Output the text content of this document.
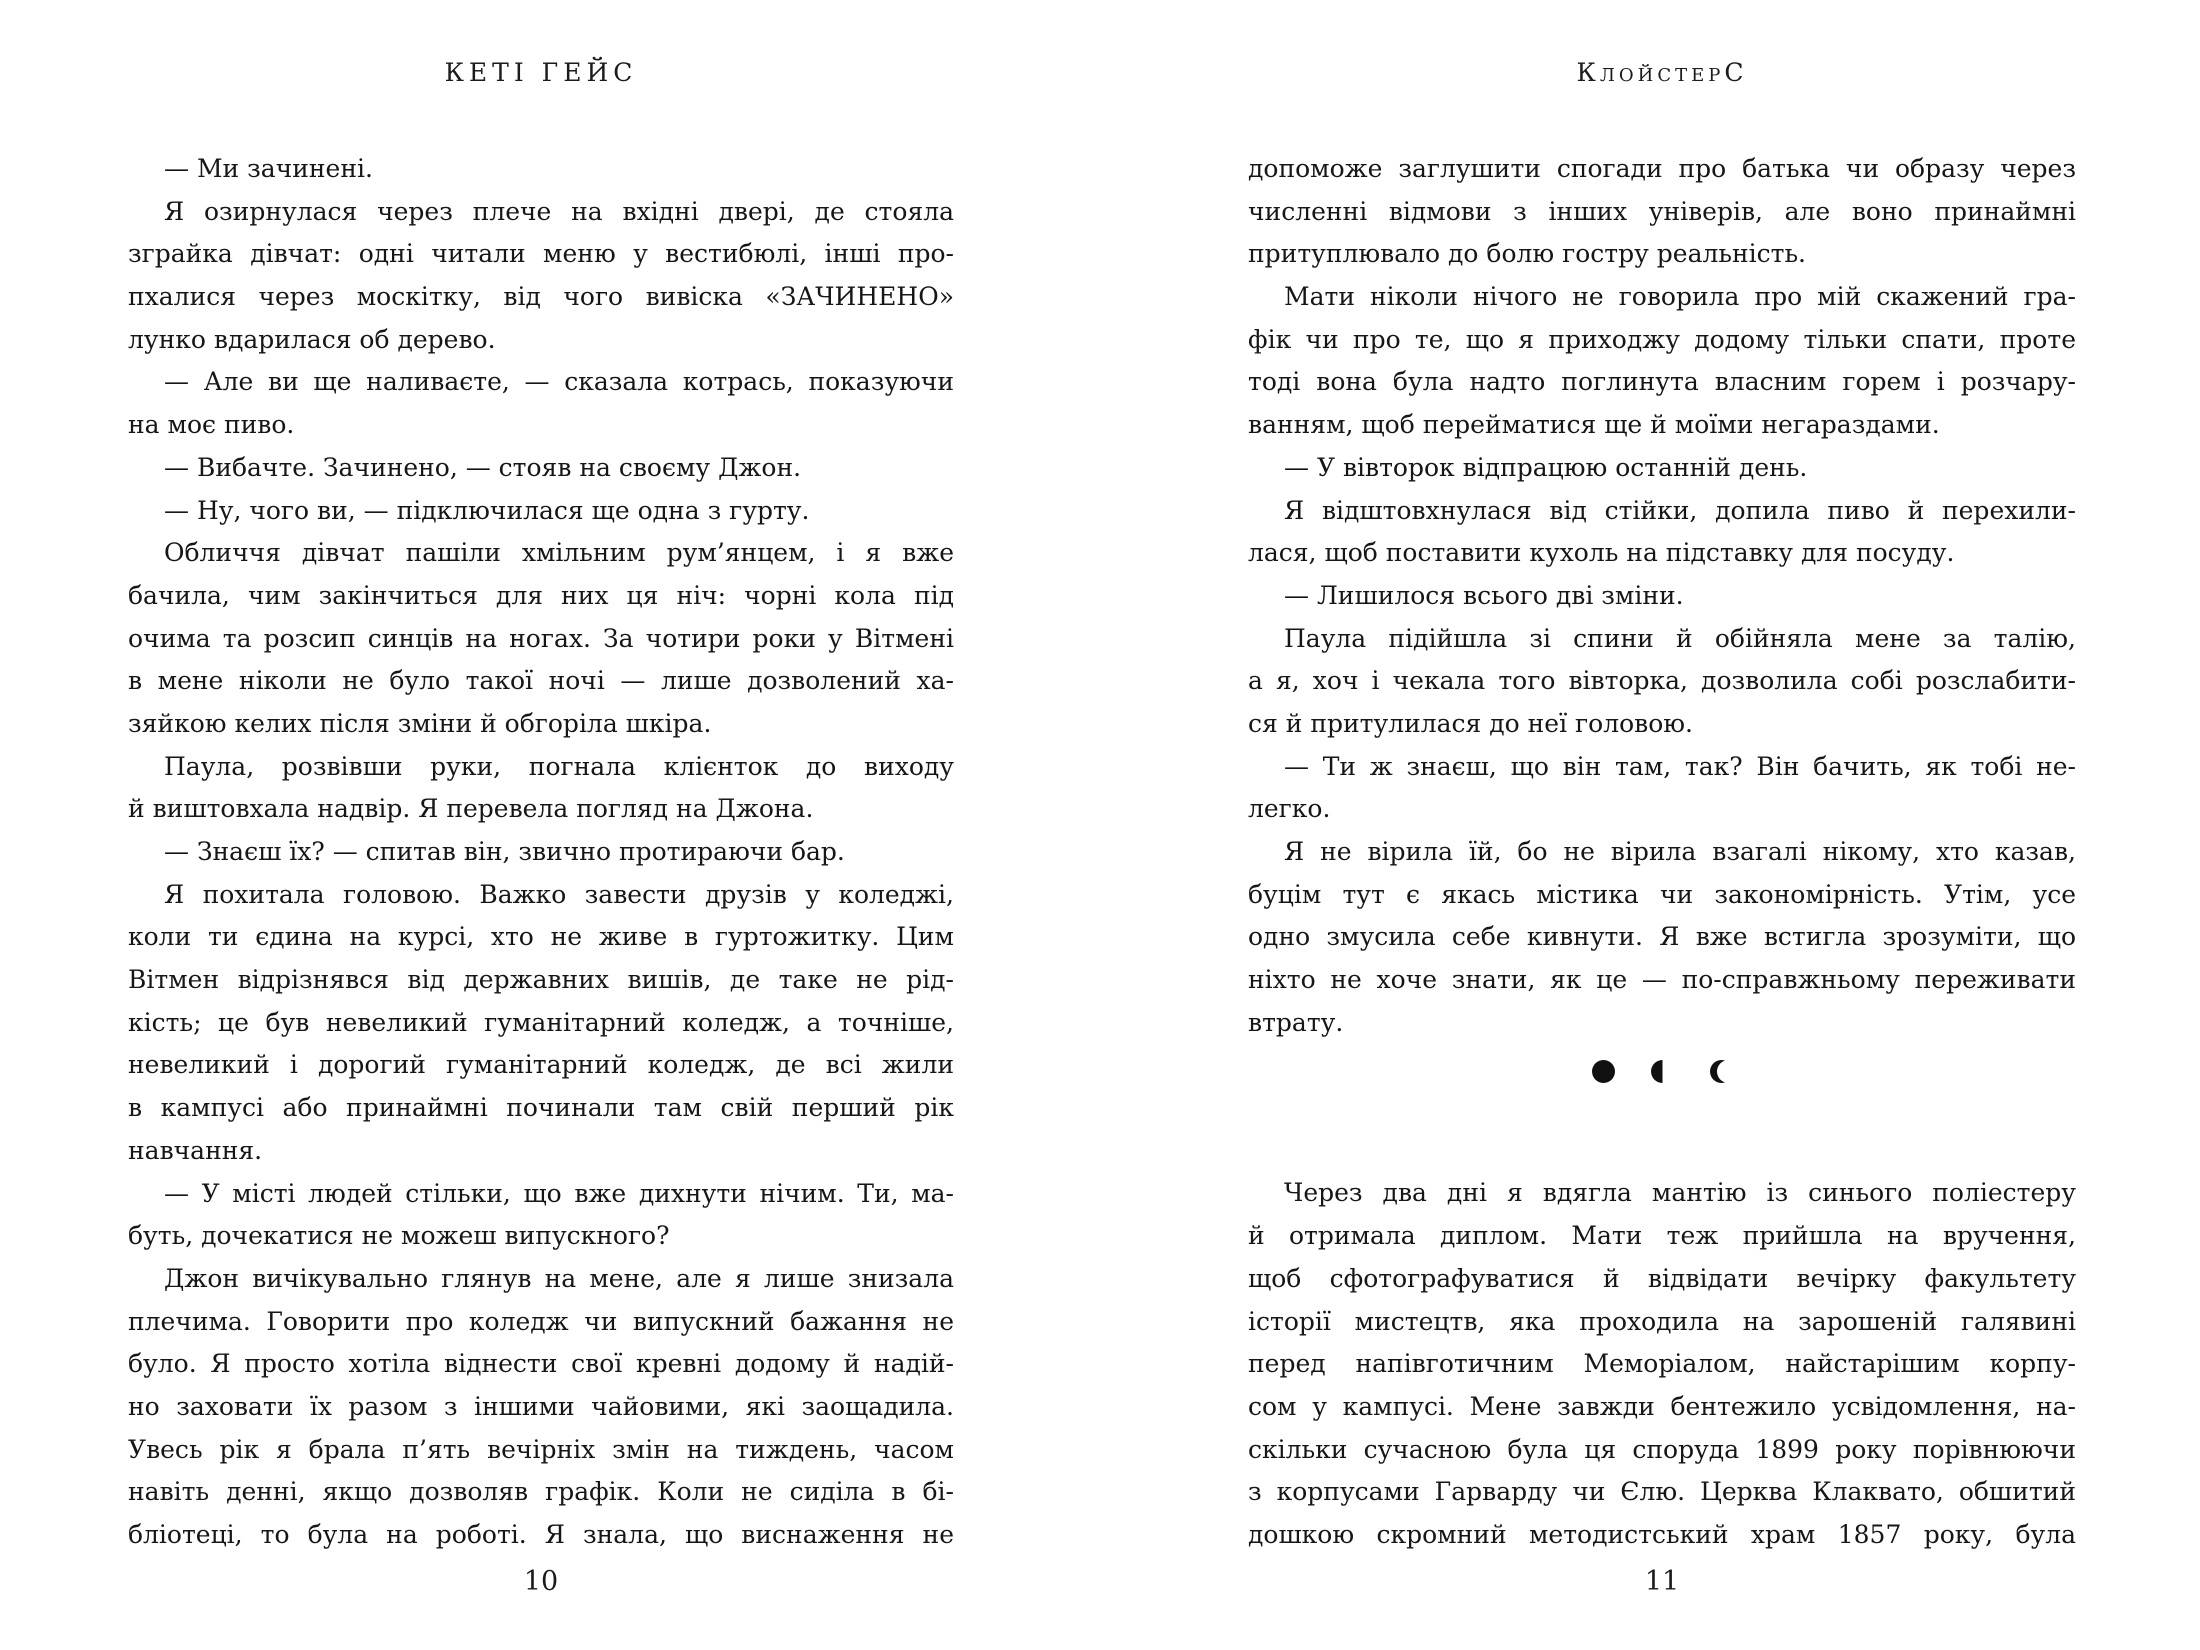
КЕТІ ГЕЙС
— Ми зачинені.
Я озирнулася через плече на вхідні двері, де стояла
зграйка дівчат: одні читали меню у вестибюлі, інші про-
пхалися через москітку, від чого вивіска «ЗАЧИНЕНО»
лунко вдарилася об дерево.
— Але ви ще наливаєте, — сказала котрась, показуючи
на моє пиво.
— Вибачте. Зачинено, — стояв на своєму Джон.
— Ну, чого ви, — підключилася ще одна з гурту.
Обличчя дівчат пашіли хмільним рум’янцем, і я вже
бачила, чим закінчиться для них ця ніч: чорні кола під
очима та розсип синців на ногах. За чотири роки у Вітмені
в мене ніколи не було такої ночі — лише дозволений ха-
зяйкою келих після зміни й обгоріла шкіра.
Паула, розвівши руки, погнала клієнток до виходу
й виштовхала надвір. Я перевела погляд на Джона.
— Знаєш їх? — спитав він, звично протираючи бар.
Я похитала головою. Важко завести друзів у коледжі,
коли ти єдина на курсі, хто не живе в гуртожитку. Цим
Вітмен відрізнявся від державних вишів, де таке не рід-
кість; це був невеликий гуманітарний коледж, а точніше,
невеликий і дорогий гуманітарний коледж, де всі жили
в кампусі або принаймні починали там свій перший рік
навчання.
— У місті людей стільки, що вже дихнути нічим. Ти, ма-
буть, дочекатися не можеш випускного?
Джон вичікувально глянув на мене, але я лише знизала
плечима. Говорити про коледж чи випускний бажання не
було. Я просто хотіла віднести свої кревні додому й надій-
но заховати їх разом з іншими чайовими, які заощадила.
Увесь рік я брала п’ять вечірніх змін на тиждень, часом
навіть денні, якщо дозволяв графік. Коли не сиділа в бі-
бліотеці, то була на роботі. Я знала, що виснаження не
10
КлойстерС
допоможе заглушити спогади про батька чи образу через
численні відмови з інших універів, але воно принаймні
притуплювало до болю гостру реальність.
Мати ніколи нічого не говорила про мій скажений гра-
фік чи про те, що я приходжу додому тільки спати, проте
тоді вона була надто поглинута власним горем і розчару-
ванням, щоб перейматися ще й моїми негараздами.
— У вівторок відпрацюю останній день.
Я відштовхнулася від стійки, допила пиво й перехили-
лася, щоб поставити кухоль на підставку для посуду.
— Лишилося всього дві зміни.
Паула підійшла зі спини й обійняла мене за талію,
а я, хоч і чекала того вівторка, дозволила собі розслабити-
ся й притулилася до неї головою.
— Ти ж знаєш, що він там, так? Він бачить, як тобі не-
легко.
Я не вірила їй, бо не вірила взагалі нікому, хто казав,
буцім тут є якась містика чи закономірність. Утім, усе
одно змусила себе кивнути. Я вже встигла зрозуміти, що
ніхто не хоче знати, як це — по-справжньому переживати
втрату.
Через два дні я вдягла мантію із синього поліестеру
й отримала диплом. Мати теж прийшла на вручення,
щоб сфотографуватися й відвідати вечірку факультету
історії мистецтв, яка проходила на зарошеній галявині
перед напівготичним Меморіалом, найстарішим корпу-
сом у кампусі. Мене завжди бентежило усвідомлення, на-
скільки сучасною була ця споруда 1899 року порівнюючи
з корпусами Гарварду чи Єлю. Церква Клаквато, обшитий
дошкою скромний методистський храм 1857 року, була
11
